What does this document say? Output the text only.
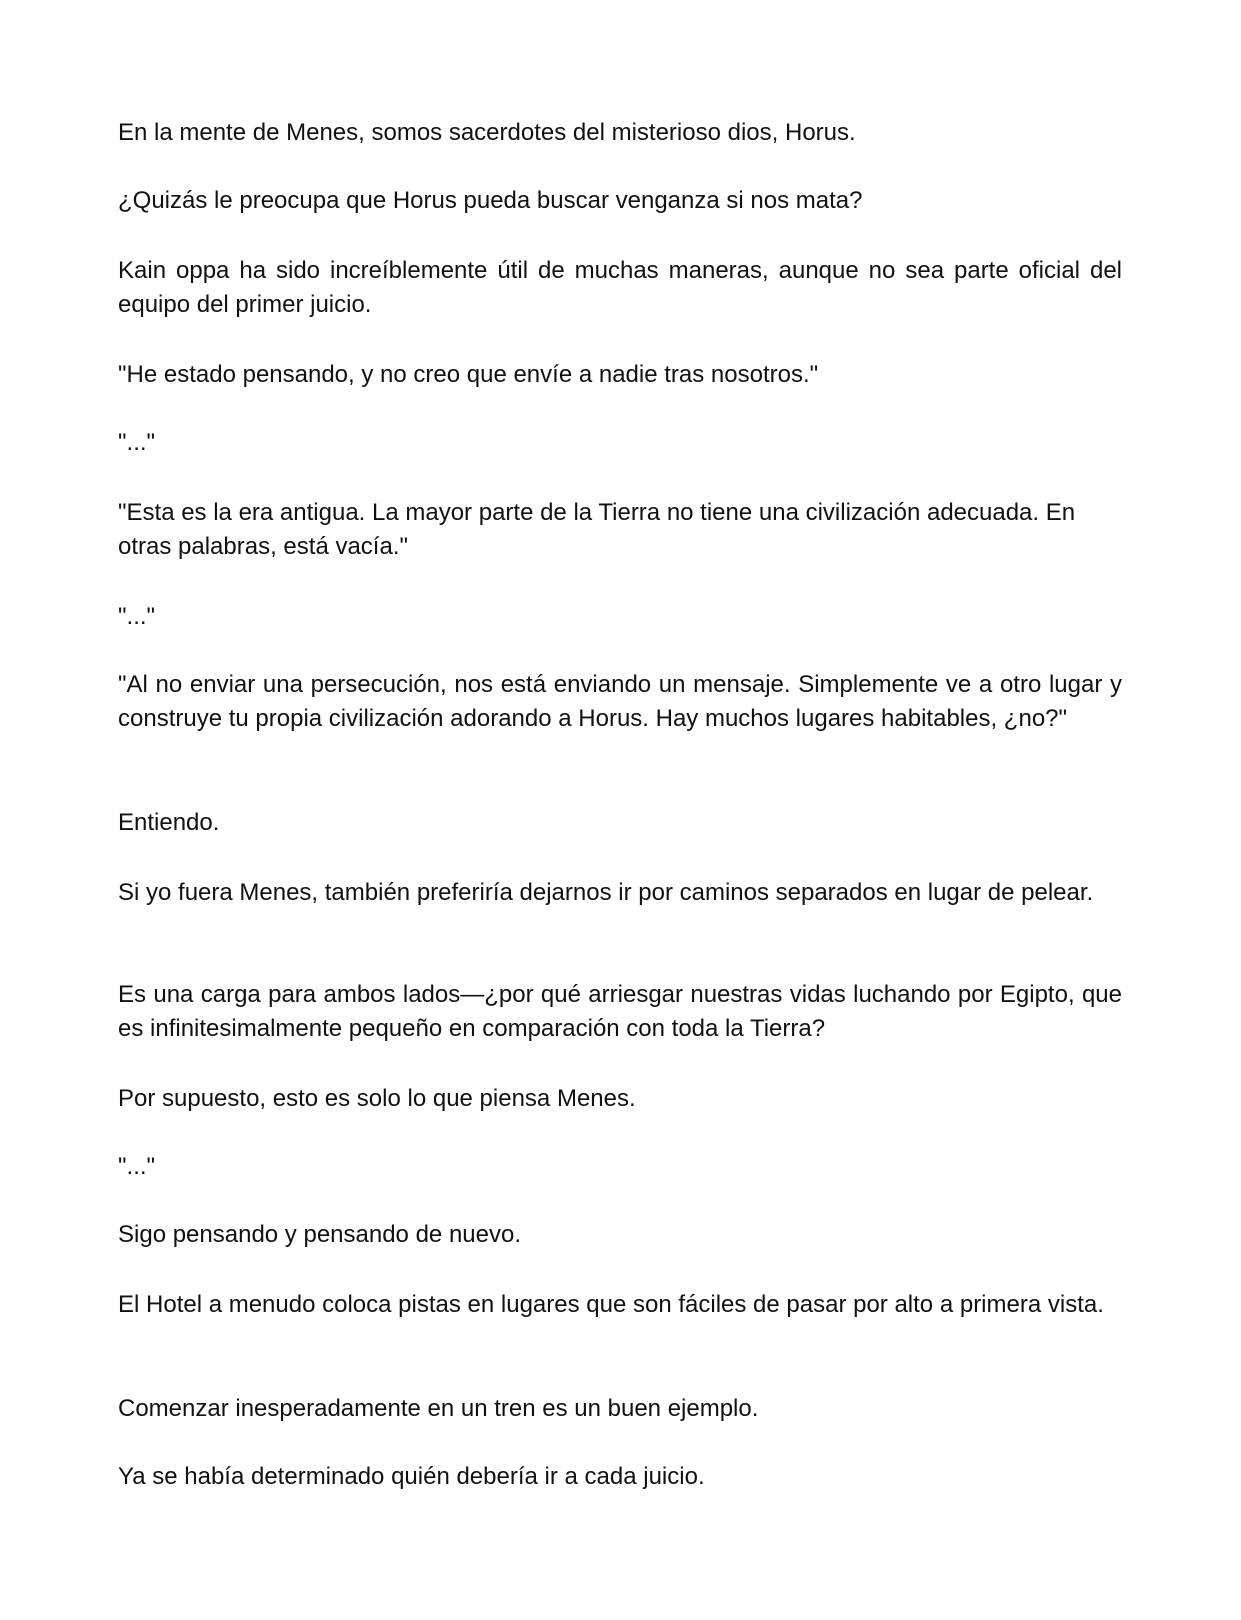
En la mente de Menes, somos sacerdotes del misterioso dios, Horus.

¿Quizás le preocupa que Horus pueda buscar venganza si nos mata?

Kain oppa ha sido increíblemente útil de muchas maneras, aunque no sea parte oficial del equipo del primer juicio.

"He estado pensando, y no creo que envíe a nadie tras nosotros."

"..."

"Esta es la era antigua. La mayor parte de la Tierra no tiene una civilización adecuada. En otras palabras, está vacía."

"..."

"Al no enviar una persecución, nos está enviando un mensaje. Simplemente ve a otro lugar y construye tu propia civilización adorando a Horus. Hay muchos lugares habitables, ¿no?"

Entiendo.

Si yo fuera Menes, también preferiría dejarnos ir por caminos separados en lugar de pelear.

Es una carga para ambos lados—¿por qué arriesgar nuestras vidas luchando por Egipto, que es infinitesimalmente pequeño en comparación con toda la Tierra?

Por supuesto, esto es solo lo que piensa Menes.

"..."

Sigo pensando y pensando de nuevo.

El Hotel a menudo coloca pistas en lugares que son fáciles de pasar por alto a primera vista.

Comenzar inesperadamente en un tren es un buen ejemplo.

Ya se había determinado quién debería ir a cada juicio.
